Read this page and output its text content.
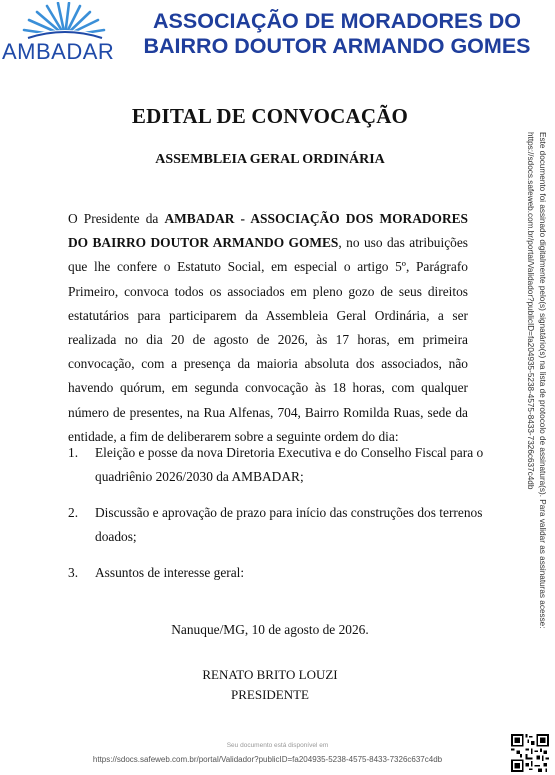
AMBADAR
ASSOCIAÇÃO DE MORADORES DO
BAIRRO DOUTOR ARMANDO GOMES
EDITAL DE CONVOCAÇÃO
ASSEMBLEIA GERAL ORDINÁRIA
O Presidente da AMBADAR - ASSOCIAÇÃO DOS MORADORES DO BAIRRO DOUTOR ARMANDO GOMES, no uso das atribuições que lhe confere o Estatuto Social, em especial o artigo 5º, Parágrafo Primeiro, convoca todos os associados em pleno gozo de seus direitos estatutários para participarem da Assembleia Geral Ordinária, a ser realizada no dia 20 de agosto de 2026, às 17 horas, em primeira convocação, com a presença da maioria absoluta dos associados, não havendo quórum, em segunda convocação às 18 horas, com qualquer número de presentes, na Rua Alfenas, 704, Bairro Romilda Ruas, sede da entidade, a fim de deliberarem sobre a seguinte ordem do dia:
1. Eleição e posse da nova Diretoria Executiva e do Conselho Fiscal para o quadriênio 2026/2030 da AMBADAR;
2. Discussão e aprovação de prazo para início das construções dos terrenos doados;
3. Assuntos de interesse geral:
Nanuque/MG, 10 de agosto de 2026.
RENATO BRITO LOUZI
PRESIDENTE
Este documento foi assinado digitalmente pelo(s) signatário(s) na lista de protocolo de assinatura(s). Para validar as assinaturas acesse:
https://sdocs.safeweb.com.br/portal/Validador?publicID=fa204935-5238-4575-8433-7326c637c4db
Seu documento está disponível em
https://sdocs.safeweb.com.br/portal/Validador?publicID=fa204935-5238-4575-8433-7326c637c4db
